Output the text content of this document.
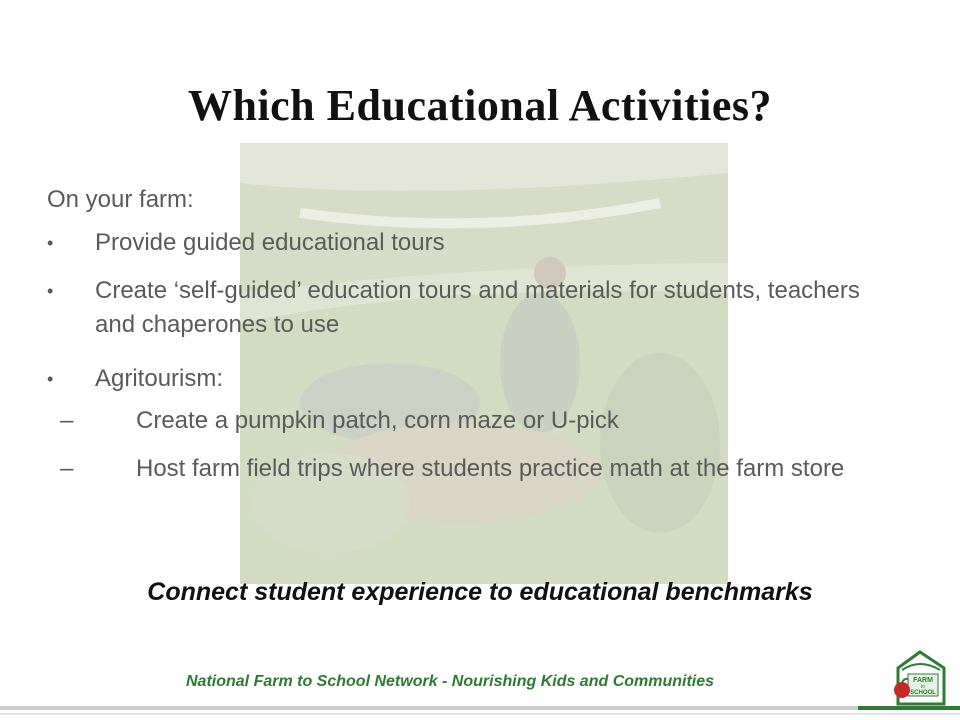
Which Educational Activities?
On your farm:
• Provide guided educational tours
• Create ‘self-guided’ education tours and materials for students, teachers and chaperones to use
• Agritourism:
–	Create a pumpkin patch, corn maze or U-pick
–	Host farm field trips where students practice math at the farm store
Connect student experience to educational benchmarks
National Farm to School Network - Nourishing Kids and Communities	FARM
to
SCHOOL
